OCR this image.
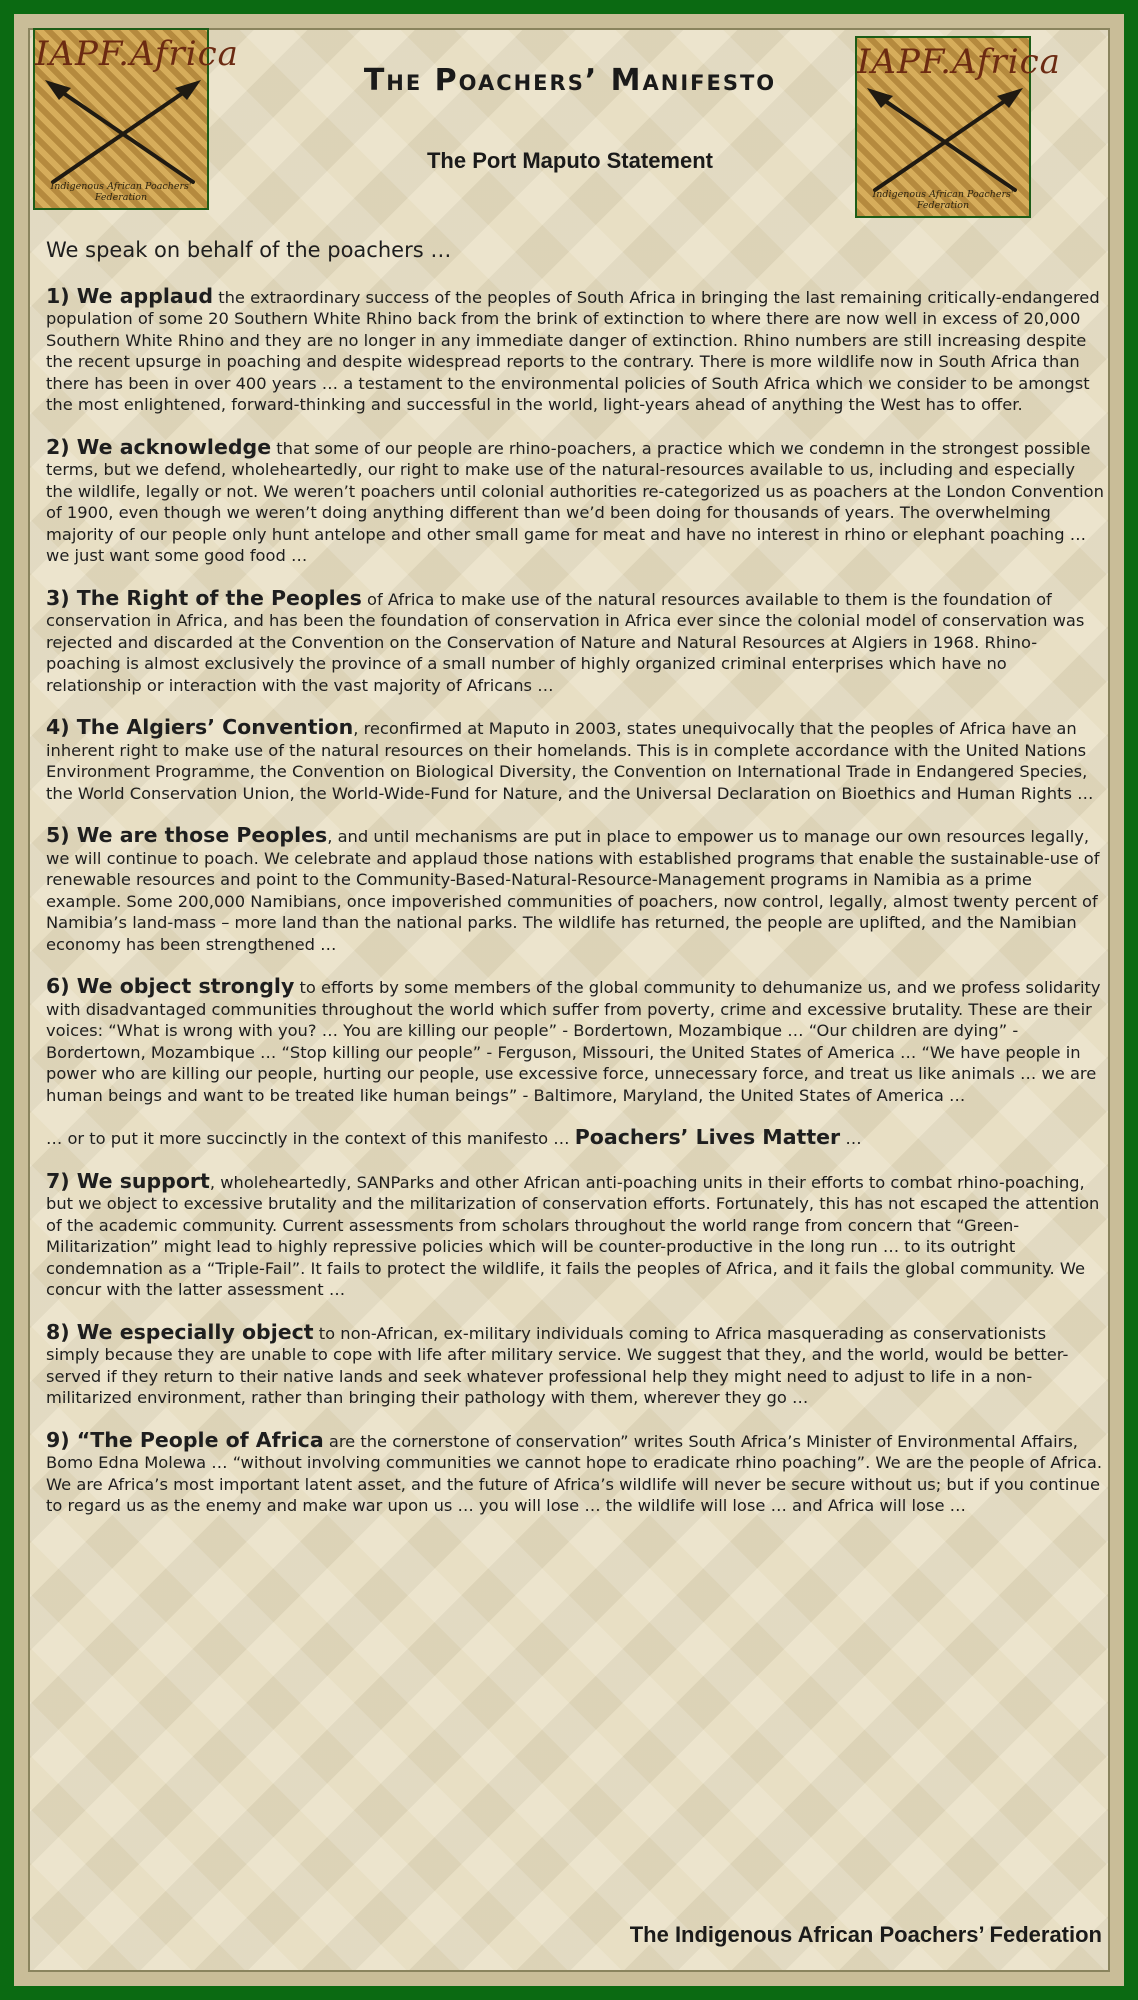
IAPF.Africa
Indigenous African Poachers' Federation
IAPF.Africa
Indigenous African Poachers' Federation
The Poachers’ Manifesto
The Port Maputo Statement
We speak on behalf of the poachers …
1) We applaud the extraordinary success of the peoples of South Africa in bringing the last remaining critically-endangered population of some 20 Southern White Rhino back from the brink of extinction to where there are now well in excess of 20,000 Southern White Rhino and they are no longer in any immediate danger of extinction. Rhino numbers are still increasing despite the recent upsurge in poaching and despite widespread reports to the contrary. There is more wildlife now in South Africa than there has been in over 400 years … a testament to the environmental policies of South Africa which we consider to be amongst the most enlightened, forward-thinking and successful in the world, light-years ahead of anything the West has to offer.
2) We acknowledge that some of our people are rhino-poachers, a practice which we condemn in the strongest possible terms, but we defend, wholeheartedly, our right to make use of the natural-resources available to us, including and especially the wildlife, legally or not. We weren’t poachers until colonial authorities re-categorized us as poachers at the London Convention of 1900, even though we weren’t doing anything different than we’d been doing for thousands of years. The overwhelming majority of our people only hunt antelope and other small game for meat and have no interest in rhino or elephant poaching … we just want some good food …
3) The Right of the Peoples of Africa to make use of the natural resources available to them is the foundation of conservation in Africa, and has been the foundation of conservation in Africa ever since the colonial model of conservation was rejected and discarded at the Convention on the Conservation of Nature and Natural Resources at Algiers in 1968. Rhino-poaching is almost exclusively the province of a small number of highly organized criminal enterprises which have no relationship or interaction with the vast majority of Africans …
4) The Algiers’ Convention, reconfirmed at Maputo in 2003, states unequivocally that the peoples of Africa have an inherent right to make use of the natural resources on their homelands. This is in complete accordance with the United Nations Environment Programme, the Convention on Biological Diversity, the Convention on International Trade in Endangered Species, the World Conservation Union, the World-Wide-Fund for Nature, and the Universal Declaration on Bioethics and Human Rights …
5) We are those Peoples, and until mechanisms are put in place to empower us to manage our own resources legally, we will continue to poach. We celebrate and applaud those nations with established programs that enable the sustainable-use of renewable resources and point to the Community-Based-Natural-Resource-Management programs in Namibia as a prime example. Some 200,000 Namibians, once impoverished communities of poachers, now control, legally, almost twenty percent of Namibia’s land-mass – more land than the national parks. The wildlife has returned, the people are uplifted, and the Namibian economy has been strengthened …
6) We object strongly to efforts by some members of the global community to dehumanize us, and we profess solidarity with disadvantaged communities throughout the world which suffer from poverty, crime and excessive brutality. These are their voices: “What is wrong with you? … You are killing our people” - Bordertown, Mozambique … “Our children are dying” - Bordertown, Mozambique … “Stop killing our people” - Ferguson, Missouri, the United States of America … “We have people in power who are killing our people, hurting our people, use excessive force, unnecessary force, and treat us like animals … we are human beings and want to be treated like human beings” - Baltimore, Maryland, the United States of America …
… or to put it more succinctly in the context of this manifesto … Poachers’ Lives Matter …
7) We support, wholeheartedly, SANParks and other African anti-poaching units in their efforts to combat rhino-poaching, but we object to excessive brutality and the militarization of conservation efforts. Fortunately, this has not escaped the attention of the academic community. Current assessments from scholars throughout the world range from concern that “Green-Militarization” might lead to highly repressive policies which will be counter-productive in the long run … to its outright condemnation as a “Triple-Fail”. It fails to protect the wildlife, it fails the peoples of Africa, and it fails the global community. We concur with the latter assessment …
8) We especially object to non-African, ex-military individuals coming to Africa masquerading as conservationists simply because they are unable to cope with life after military service. We suggest that they, and the world, would be better-served if they return to their native lands and seek whatever professional help they might need to adjust to life in a non-militarized environment, rather than bringing their pathology with them, wherever they go …
9) “The People of Africa are the cornerstone of conservation” writes South Africa’s Minister of Environmental Affairs, Bomo Edna Molewa … “without involving communities we cannot hope to eradicate rhino poaching”. We are the people of Africa. We are Africa’s most important latent asset, and the future of Africa’s wildlife will never be secure without us; but if you continue to regard us as the enemy and make war upon us … you will lose … the wildlife will lose … and Africa will lose …
The Indigenous African Poachers’ Federation
